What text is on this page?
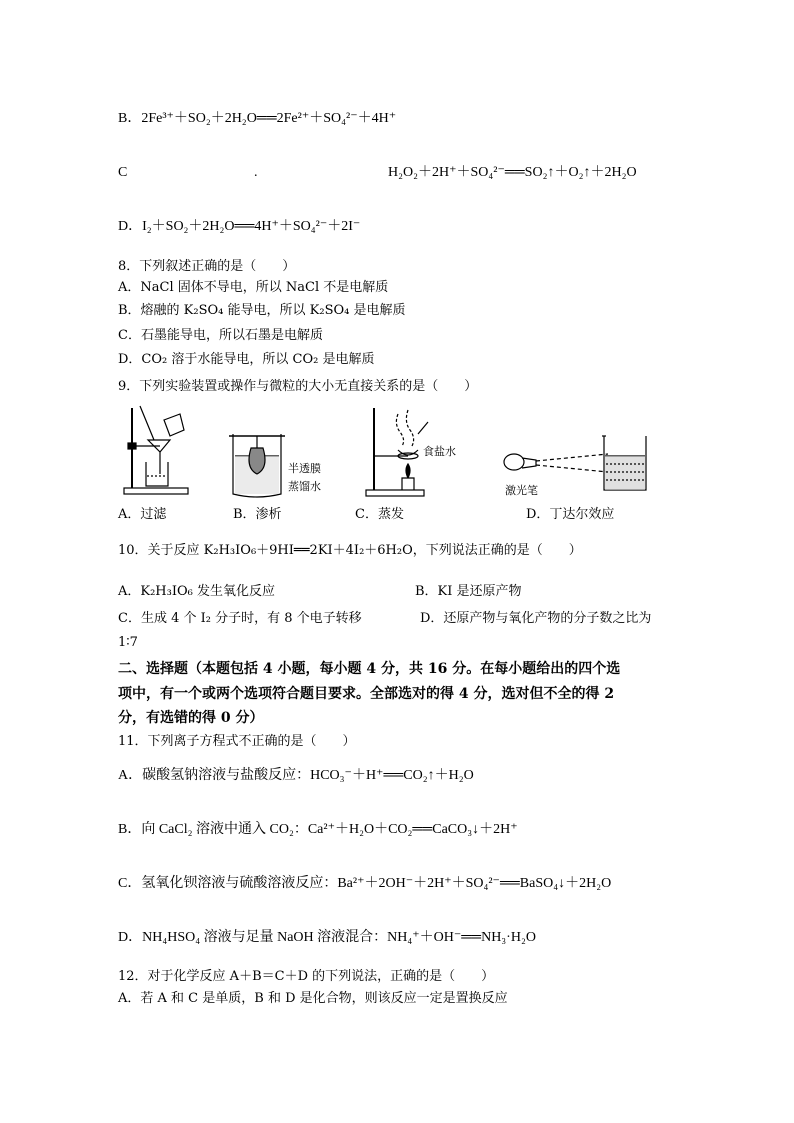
B．2Fe³⁺＋SO₂＋2H₂O══2Fe²⁺＋SO₄²⁻＋4H⁺
C	.	H₂O₂＋2H⁺＋SO₄²⁻══SO₂↑＋O₂↑＋2H₂O
D．I₂＋SO₂＋2H₂O══4H⁺＋SO₄²⁻＋2I⁻
8．下列叙述正确的是（　　）
A．NaCl 固体不导电，所以 NaCl 不是电解质
B．熔融的 K₂SO₄ 能导电，所以 K₂SO₄ 是电解质
C．石墨能导电，所以石墨是电解质
D．CO₂ 溶于水能导电，所以 CO₂ 是电解质
9．下列实验装置或操作与微粒的大小无直接关系的是（　　）
半透膜
蒸馏水
食盐水
激光笔
A．过滤	B．渗析	C．蒸发	D．丁达尔效应
10．关于反应 K₂H₃IO₆＋9HI══2KI＋4I₂＋6H₂O，下列说法正确的是（　　）
A．K₂H₃IO₆ 发生氧化反应	B．KI 是还原产物
C．生成 4 个 I₂ 分子时，有 8 个电子转移	D．还原产物与氧化产物的分子数之比为
1∶7
二、选择题（本题包括 4 小题，每小题 4 分，共 16 分。在每小题给出的四个选
项中，有一个或两个选项符合题目要求。全部选对的得 4 分，选对但不全的得 2
分，有选错的得 0 分）
11．下列离子方程式不正确的是（　　）
A．碳酸氢钠溶液与盐酸反应：HCO₃⁻＋H⁺══CO₂↑＋H₂O
B．向 CaCl₂ 溶液中通入 CO₂：Ca²⁺＋H₂O＋CO₂══CaCO₃↓＋2H⁺
C．氢氧化钡溶液与硫酸溶液反应：Ba²⁺＋2OH⁻＋2H⁺＋SO₄²⁻══BaSO₄↓＋2H₂O
D．NH₄HSO₄ 溶液与足量 NaOH 溶液混合：NH₄⁺＋OH⁻══NH₃·H₂O
12．对于化学反应 A＋B＝C＋D 的下列说法，正确的是（　　）
A．若 A 和 C 是单质，B 和 D 是化合物，则该反应一定是置换反应
